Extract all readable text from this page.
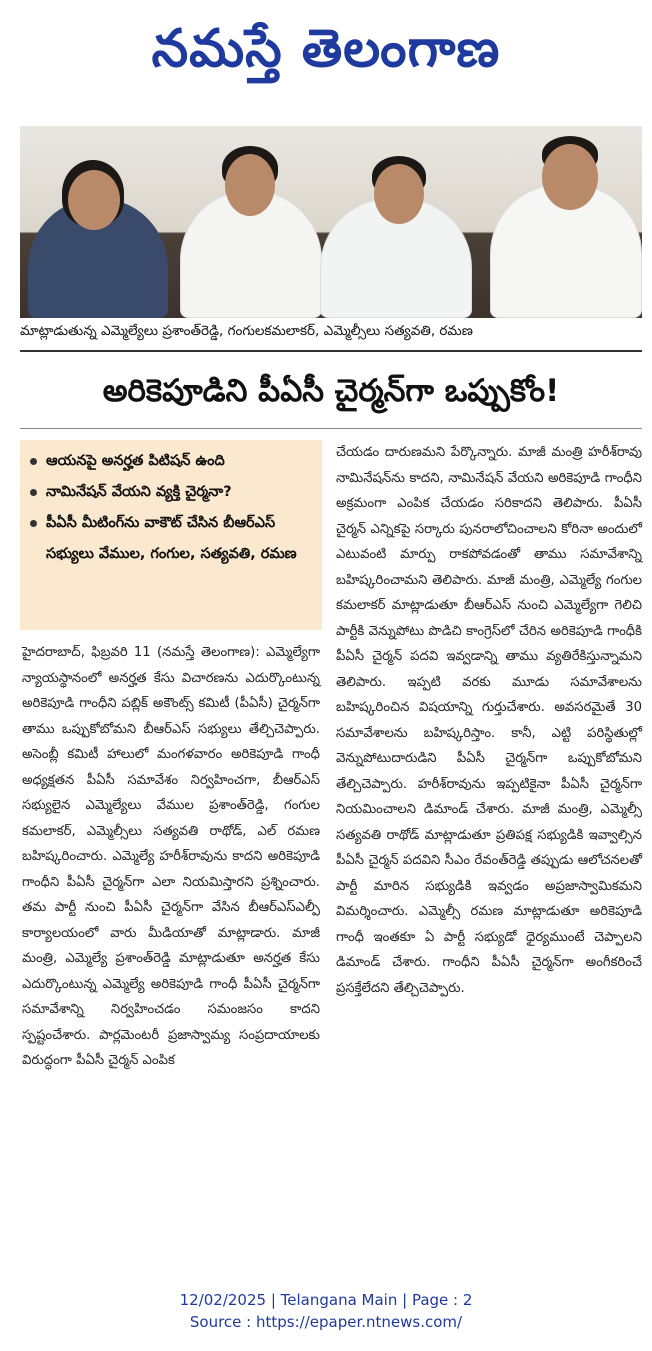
నమస్తే తెలంగాణ
మాట్లాడుతున్న ఎమ్మెల్యేలు ప్రశాంత్‌రెడ్డి, గంగులకమలాకర్, ఎమ్మెల్సీలు సత్యవతి, రమణ
అరికెపూడిని పీఏసీ చైర్మన్‌గా ఒప్పుకోం!
ఆయనపై అనర్హత పిటిషన్ ఉంది
నామినేషన్ వేయని వ్యక్తి చైర్మనా?
పీఏసీ మీటింగ్‌ను వాకౌట్ చేసిన బీఆర్‌ఎస్ సభ్యులు వేముల, గంగుల, సత్యవతి, రమణ

హైదరాబాద్, ఫిబ్రవరి 11 (నమస్తే తెలంగాణ): ఎమ్మెల్యేగా న్యాయస్థానంలో అనర్హత కేసు విచారణను ఎదుర్కొంటున్న అరికెపూడి గాంధీని పబ్లిక్ అకౌంట్స్ కమిటీ (పీఏసీ) చైర్మన్‌గా తాము ఒప్పుకోబోమని బీఆర్‌ఎస్ సభ్యులు తేల్చిచెప్పారు. అసెంబ్లీ కమిటీ హాలులో మంగళవారం అరికెపూడి గాంధీ అధ్యక్షతన పీఏసీ సమావేశం నిర్వహించగా, బీఆర్‌ఎస్ సభ్యులైన ఎమ్మెల్యేలు వేముల ప్రశాంత్‌రెడ్డి, గంగుల కమలాకర్, ఎమ్మెల్సీలు సత్యవతి రాథోడ్, ఎల్ రమణ బహిష్కరించారు. ఎమ్మెల్యే హరీశ్‌రావును కాదని అరికెపూడి గాంధీని పీఏసీ చైర్మన్‌గా ఎలా నియమిస్తారని ప్రశ్నించారు. తమ పార్టీ నుంచి పీఏసీ చైర్మన్‌గా వేసిన బీఆర్‌ఎస్ఎల్పీ కార్యాలయంలో వారు మీడియాతో మాట్లాడారు. మాజీ మంత్రి, ఎమ్మెల్యే ప్రశాంత్‌రెడ్డి మాట్లాడుతూ అనర్హత కేసు ఎదుర్కొంటున్న ఎమ్మెల్యే అరికెపూడి గాంధీ పీఏసీ చైర్మన్‌గా సమావేశాన్ని నిర్వహించడం సమంజసం కాదని స్పష్టంచేశారు. పార్లమెంటరీ ప్రజాస్వామ్య సంప్రదాయాలకు విరుద్ధంగా పీఏసీ చైర్మన్ ఎంపిక

చేయడం దారుణమని పేర్కొన్నారు. మాజీ మంత్రి హరీశ్‌రావు నామినేషన్‌ను కాదని, నామినేషన్ వేయని అరికెపూడి గాంధీని అక్రమంగా ఎంపిక చేయడం సరికాదని తెలిపారు. పీఏసీ చైర్మన్ ఎన్నికపై సర్కారు పునరాలోచించాలని కోరినా అందులో ఎటువంటి మార్పు రాకపోవడంతో తాము సమావేశాన్ని బహిష్కరించామని తెలిపారు. మాజీ మంత్రి, ఎమ్మెల్యే గంగుల కమలాకర్ మాట్లాడుతూ బీఆర్‌ఎస్ నుంచి ఎమ్మెల్యేగా గెలిచి పార్టీకి వెన్నుపోటు పొడిచి కాంగ్రెస్‌లో చేరిన అరికెపూడి గాంధీకి పీఏసీ చైర్మన్ పదవి ఇవ్వడాన్ని తాము వ్యతిరేకిస్తున్నామని తెలిపారు. ఇప్పటి వరకు మూడు సమావేశాలను బహిష్కరించిన విషయాన్ని గుర్తుచేశారు. అవసరమైతే 30 సమావేశాలను బహిష్కరిస్తాం. కానీ, ఎట్టి పరిస్థితుల్లో వెన్నుపోటుదారుడిని పీఏసీ చైర్మన్‌గా ఒప్పుకోబోమని తేల్చిచెప్పారు. హరీశ్‌రావును ఇప్పటికైనా పీఏసీ చైర్మన్‌గా నియమించాలని డిమాండ్ చేశారు. మాజీ మంత్రి, ఎమ్మెల్సీ సత్యవతి రాథోడ్ మాట్లాడుతూ ప్రతిపక్ష సభ్యుడికి ఇవ్వాల్సిన పీఏసీ చైర్మన్ పదవిని సీఎం రేవంత్‌రెడ్డి తప్పుడు ఆలోచనలతో పార్టీ మారిన సభ్యుడికి ఇవ్వడం అప్రజాస్వామికమని విమర్శించారు. ఎమ్మెల్సీ రమణ మాట్లాడుతూ అరికెపూడి గాంధీ ఇంతకూ ఏ పార్టీ సభ్యుడో ధైర్యముంటే చెప్పాలని డిమాండ్ చేశారు. గాంధీని పీఏసీ చైర్మన్‌గా అంగీకరించే ప్రసక్తేలేదని తేల్చిచెప్పారు.

12/02/2025 | Telangana Main | Page : 2
Source : https://epaper.ntnews.com/
